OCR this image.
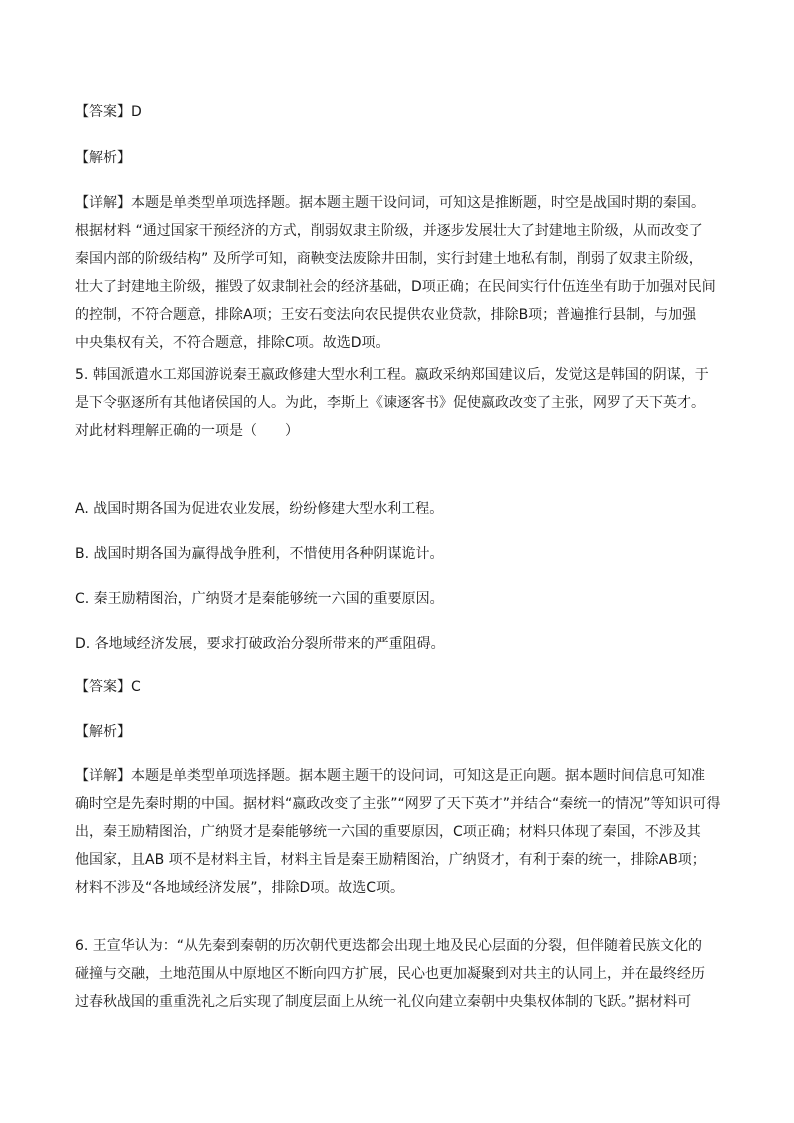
【答案】D
【解析】
【详解】本题是单类型单项选择题。据本题主题干设问词，可知这是推断题，时空是战国时期的秦国。
根据材料 “通过国家干预经济的方式，削弱奴隶主阶级，并逐步发展壮大了封建地主阶级，从而改变了
秦国内部的阶级结构” 及所学可知，商鞅变法废除井田制，实行封建土地私有制，削弱了奴隶主阶级，
壮大了封建地主阶级，摧毁了奴隶制社会的经济基础，D项正确；在民间实行什伍连坐有助于加强对民间
的控制，不符合题意，排除A项；王安石变法向农民提供农业贷款，排除B项；普遍推行县制，与加强
中央集权有关，不符合题意，排除C项。故选D项。
5. 韩国派遣水工郑国游说秦王嬴政修建大型水利工程。嬴政采纳郑国建议后，发觉这是韩国的阴谋，于
是下令驱逐所有其他诸侯国的人。为此，李斯上《谏逐客书》促使嬴政改变了主张，网罗了天下英才。
对此材料理解正确的一项是（　　）
A. 战国时期各国为促进农业发展，纷纷修建大型水利工程。
B. 战国时期各国为赢得战争胜利，不惜使用各种阴谋诡计。
C. 秦王励精图治，广纳贤才是秦能够统一六国的重要原因。
D. 各地域经济发展，要求打破政治分裂所带来的严重阻碍。
【答案】C
【解析】
【详解】本题是单类型单项选择题。据本题主题干的设问词，可知这是正向题。据本题时间信息可知准
确时空是先秦时期的中国。据材料“嬴政改变了主张”“网罗了天下英才”并结合“秦统一的情况”等知识可得
出，秦王励精图治，广纳贤才是秦能够统一六国的重要原因，C项正确；材料只体现了秦国，不涉及其
他国家，且AB 项不是材料主旨，材料主旨是秦王励精图治，广纳贤才，有利于秦的统一，排除AB项；
材料不涉及“各地域经济发展”，排除D项。故选C项。
6. 王宣华认为：“从先秦到秦朝的历次朝代更迭都会出现土地及民心层面的分裂，但伴随着民族文化的
碰撞与交融，土地范围从中原地区不断向四方扩展，民心也更加凝聚到对共主的认同上，并在最终经历
过春秋战国的重重洗礼之后实现了制度层面上从统一礼仪向建立秦朝中央集权体制的飞跃。”据材料可
